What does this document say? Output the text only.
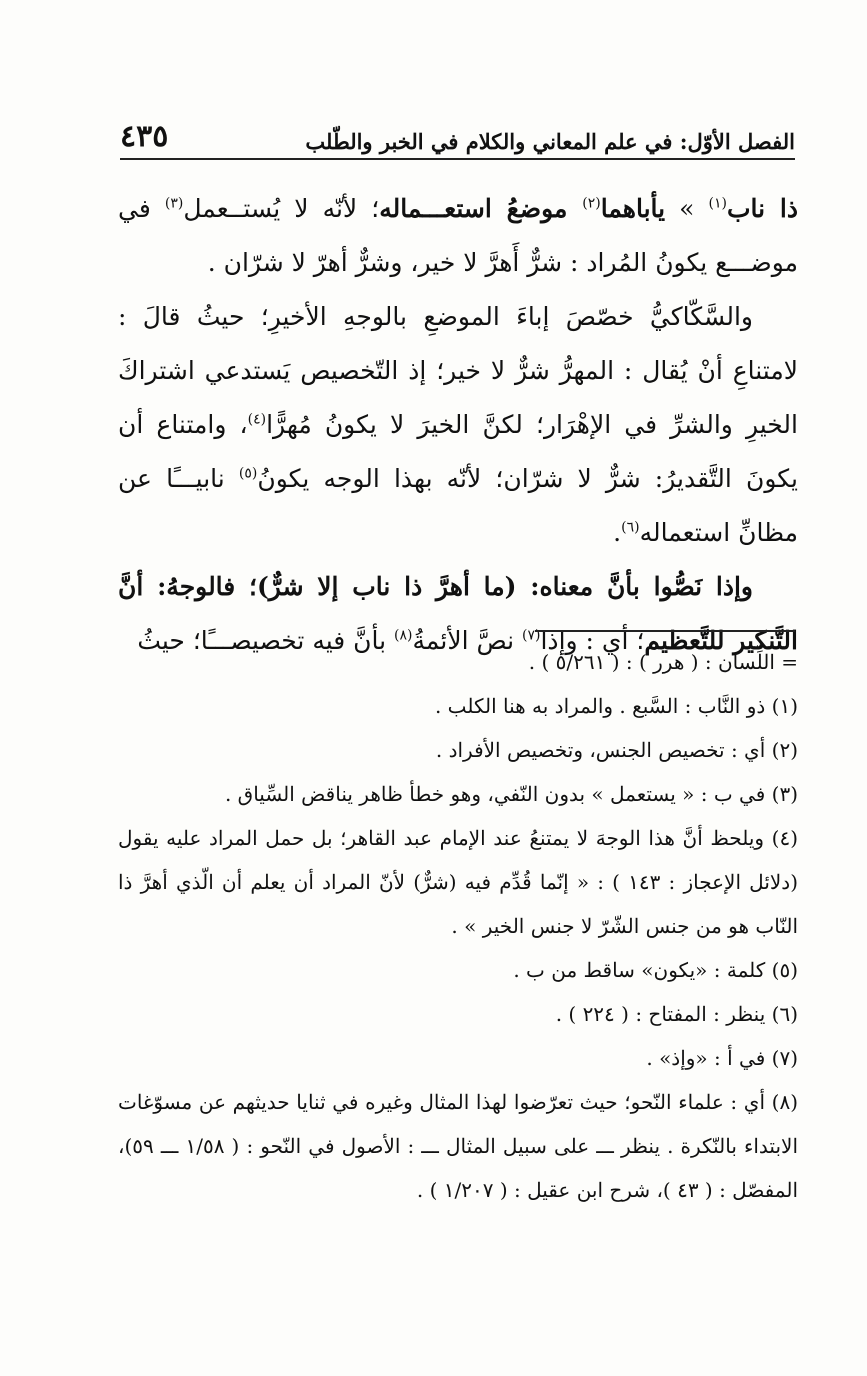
الفصل الأوّل: في علم المعاني والكلام في الخبر والطّلب
٤٣٥

ذا ناب$^{(١)}$ » يأباهما$^{(٢)}$ موضعُ استعـــماله؛ لأنّه لا يُستــعمل$^{(٣)}$ في موضـــع يكونُ المُراد : شرٌّ أَهرَّ لا خير، وشرٌّ أهرّ لا شرّان .

والسَّكّاكيُّ خصّصَ إباءَ الموضعِ بالوجهِ الأخيرِ؛ حيثُ قالَ : لامتناعِ أنْ يُقال : المهرُّ شرٌّ لا خير؛ إذ التّخصيص يَستدعي اشتراكَ الخيرِ والشرِّ في الإهْرَار؛ لكنَّ الخيرَ لا يكونُ مُهرًّا$^{(٤)}$، وامتناع أن يكونَ التَّقديرُ: شرٌّ لا شرّان؛ لأنّه بهذا الوجه يكونُ$^{(٥)}$ نابيـــًا عن مظانِّ استعماله$^{(٦)}$.

وإذا نَصُّوا بأنَّ معناه: (ما أهرَّ ذا ناب إلا شرٌّ)؛ فالوجهُ: أنَّ التَّنكير للتَّعظيم؛ أي : وإذا$^{(٧)}$ نصَّ الأئمةُ$^{(٨)}$ بأنَّ فيه تخصيصـــًا؛ حيثُ

= اللِّسان : ( هرر ) : ( ٥/٢٦١ ) .

(١) ذو النَّاب : السَّبع . والمراد به هنا الكلب .

(٢) أي : تخصيص الجنس، وتخصيص الأفراد .

(٣) في ب : « يستعمل » بدون النّفي، وهو خطأ ظاهر يناقض السِّياق .

(٤) ويلحظ أنَّ هذا الوجهَ لا يمتنعُ عند الإمام عبد القاهر؛ بل حمل المراد عليه يقول (دلائل الإعجاز : ١٤٣ ) : « إنّما قُدِّم فيه (شرٌّ) لأنّ المراد أن يعلم أن الّذي أهرَّ ذا النّاب هو من جنس الشّرّ لا جنس الخير » .

(٥) كلمة : «يكون» ساقط من ب .

(٦) ينظر : المفتاح : ( ٢٢٤ ) .

(٧) في أ : «وإذ» .

(٨) أي : علماء النّحو؛ حيث تعرّضوا لهذا المثال وغيره في ثنايا حديثهم عن مسوّغات الابتداء بالنّكرة . ينظر ـــ على سبيل المثال ـــ : الأصول في النّحو : ( ١/٥٨ ـــ ٥٩)، المفصّل : ( ٤٣ )، شرح ابن عقيل : ( ١/٢٠٧ ) .
